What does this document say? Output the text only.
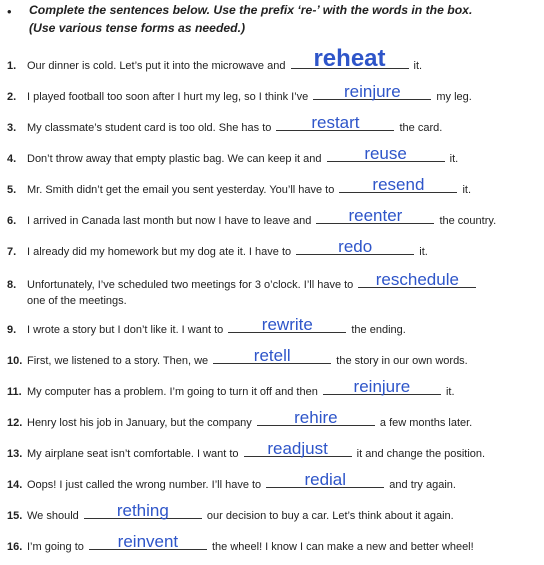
• Complete the sentences below. Use the prefix ‘re-’ with the words in the box.
(Use various tense forms as needed.)
1. Our dinner is cold. Let’s put it into the microwave and	reheat	it.
2. I played football too soon after I hurt my leg, so I think I’ve	reinjure	my leg.
3. My classmate’s student card is too old. She has to	restart	the card.
4. Don’t throw away that empty plastic bag. We can keep it and	reuse	it.
5. Mr. Smith didn’t get the email you sent yesterday. You’ll have to	resend	it.
6. I arrived in Canada last month but now I have to leave and	reenter	the country.
7. I already did my homework but my dog ate it. I have to	redo	it.
8. Unfortunately, I’ve scheduled two meetings for 3 o’clock. I’ll have to	reschedule
one of the meetings.
9. I wrote a story but I don’t like it. I want to	rewrite	the ending.
10. First, we listened to a story. Then, we	retell	the story in our own words.
11. My computer has a problem. I’m going to turn it off and then	reinjure	it.
12. Henry lost his job in January, but the company	rehire	a few months later.
13. My airplane seat isn’t comfortable. I want to	readjust	it and change the position.
14. Oops! I just called the wrong number. I’ll have to	redial	and try again.
15. We should	rething	our decision to buy a car. Let’s think about it again.
16. I’m going to	reinvent	the wheel! I know I can make a new and better wheel!
